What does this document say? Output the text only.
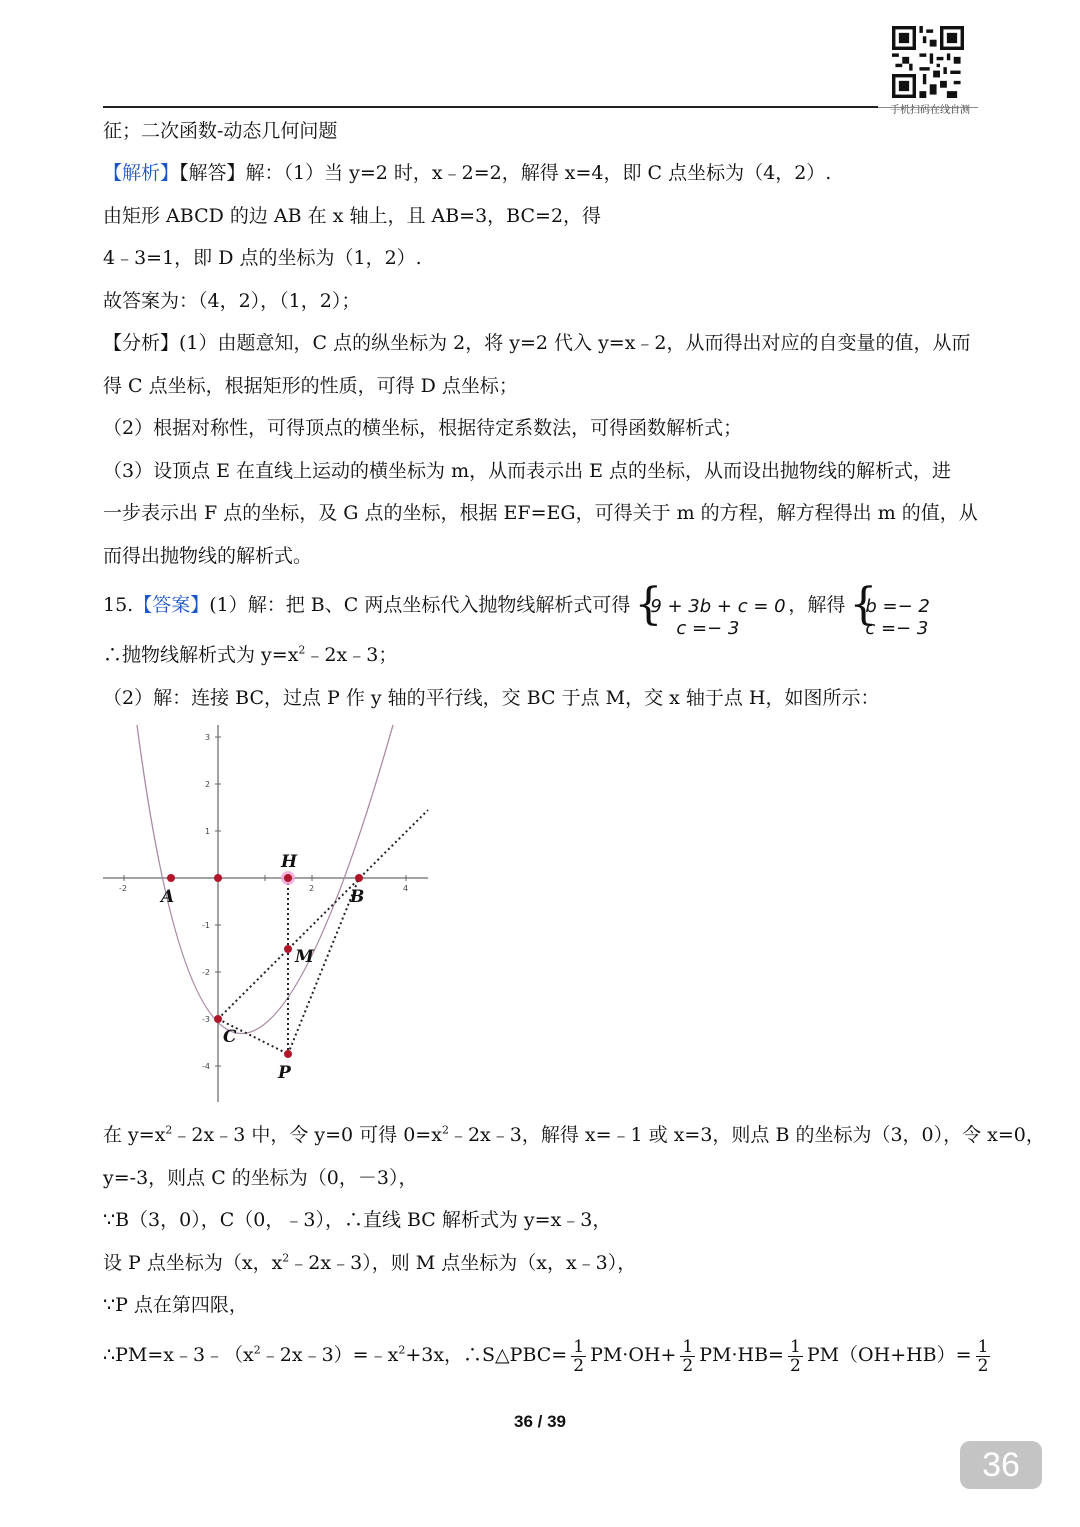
手机扫码在线自测
征；二次函数-动态几何问题
【解析】【解答】解：（1）当 y=2 时，x﹣2=2，解得 x=4，即 C 点坐标为（4，2）.
由矩形 ABCD 的边 AB 在 x 轴上，且 AB=3，BC=2，得
4﹣3=1，即 D 点的坐标为（1，2）.
故答案为：（4，2），（1，2）；
【分析】(1）由题意知，C 点的纵坐标为 2，将 y=2 代入 y=x﹣2，从而得出对应的自变量的值，从而
得 C 点坐标，根据矩形的性质，可得 D 点坐标；
（2）根据对称性，可得顶点的横坐标，根据待定系数法，可得函数解析式；
（3）设顶点 E 在直线上运动的横坐标为 m，从而表示出 E 点的坐标，从而设出抛物线的解析式，进
一步表示出 F 点的坐标，及 G 点的坐标，根据 EF=EG，可得关于 m 的方程，解方程得出 m 的值，从
而得出抛物线的解析式。
15.【答案】(1）解：把 B、C 两点坐标代入抛物线解析式可得 {
9 + 3b + c = 0
c =− 3
，解得 {
b =− 2
c =− 3
∴抛物线解析式为 $y=x^2﹣2x﹣3$；
（2）解：连接 BC，过点 P 作 y 轴的平行线，交 BC 于点 M，交 x 轴于点 H，如图所示：
-2	2	4
3
2
1
-1
-2
-3
-4
A
H
B
M
C
P
在 $y=x^2﹣2x﹣3$ 中，令 y=0 可得 $0=x^2﹣2x﹣3$，解得 x=﹣1 或 x=3，则点 B 的坐标为（3，0），令 x=0，
y=-3，则点 C 的坐标为（0，－3），
∵B（3，0），C（0，﹣3），∴直线 BC 解析式为 y=x﹣3，
设 P 点坐标为（x，$x^2﹣2x﹣3$），则 M 点坐标为（x，x﹣3），
∵P 点在第四限，
$\therefore PM=x﹣3﹣(x^2﹣2x﹣3)=﹣x^2+3x$，∴S△PBC= $\frac{1}{2} PM\cdot OH+ \frac{1}{2} PM\cdot HB= \frac{1}{2} PM(OH+HB)= \frac{1}{2}$
36 / 39
36
